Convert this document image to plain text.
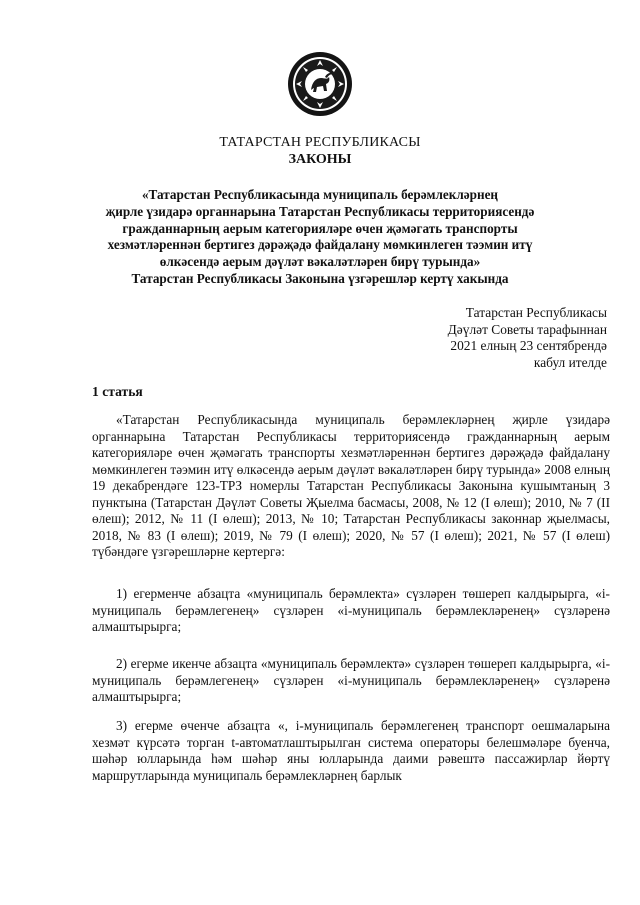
ТАТАРСТАН РЕСПУБЛИКАСЫ
ЗАКОНЫ
«Татарстан Республикасында муниципаль берәмлекләрнең
җирле үзидарә органнарына Татарстан Республикасы территориясендә
гражданнарның аерым категорияләре өчен җәмәгать транспорты
хезмәтләреннән бертигез дәрәҗәдә файдалану мөмкинлеген тәэмин итү
өлкәсендә аерым дәүләт вәкаләтләрен бирү турында»
Татарстан Республикасы Законына үзгәрешләр кертү хакында
Татарстан Республикасы
Дәүләт Советы тарафыннан
2021 елның 23 сентябрендә
кабул ителде
1 статья
«Татарстан Республикасында муниципаль берәмлекләрнең җирле үзидарә органнарына Татарстан Республикасы территориясендә гражданнарның аерым категорияләре өчен җәмәгать транспорты хезмәтләреннән бертигез дәрәҗәдә файдалану мөмкинлеген тәэмин итү өлкәсендә аерым дәүләт вәкаләтләрен бирү турында» 2008 елның 19 декабрендәге 123-ТРЗ номерлы Татарстан Республикасы Законына кушымтаның 3 пунктына (Татарстан Дәүләт Советы Җыелма басмасы, 2008, № 12 (I өлеш); 2010, № 7 (II өлеш); 2012, № 11 (I өлеш); 2013, № 10; Татарстан Республикасы законнар җыелмасы, 2018, № 83 (I өлеш); 2019, № 79 (I өлеш); 2020, № 57 (I өлеш); 2021, № 57 (I өлеш) түбәндәге үзгәрешләрне кертергә:
1) егерменче абзацта «муниципаль берәмлекта» сүзләрен төшереп калдырырга, «і-муниципаль берәмлегенең» сүзләрен «і-муниципаль берәмлекләренең» сүзләренә алмаштырырга;
2) егерме икенче абзацта «муниципаль берәмлектә» сүзләрен төшереп калдырырга, «і-муниципаль берәмлегенең» сүзләрен «і-муниципаль берәмлекләренең» сүзләренә алмаштырырга;
3) егерме өченче абзацта «, і-муниципаль берәмлегенең транспорт оешмаларына хезмәт күрсәтә торган t-автоматлаштырылган система операторы белешмәләре буенча, шәһәр юлларында һәм шәһәр яны юлларында даими рәвештә пассажирлар йөртү маршрутларында муниципаль берәмлекләрнең барлык
